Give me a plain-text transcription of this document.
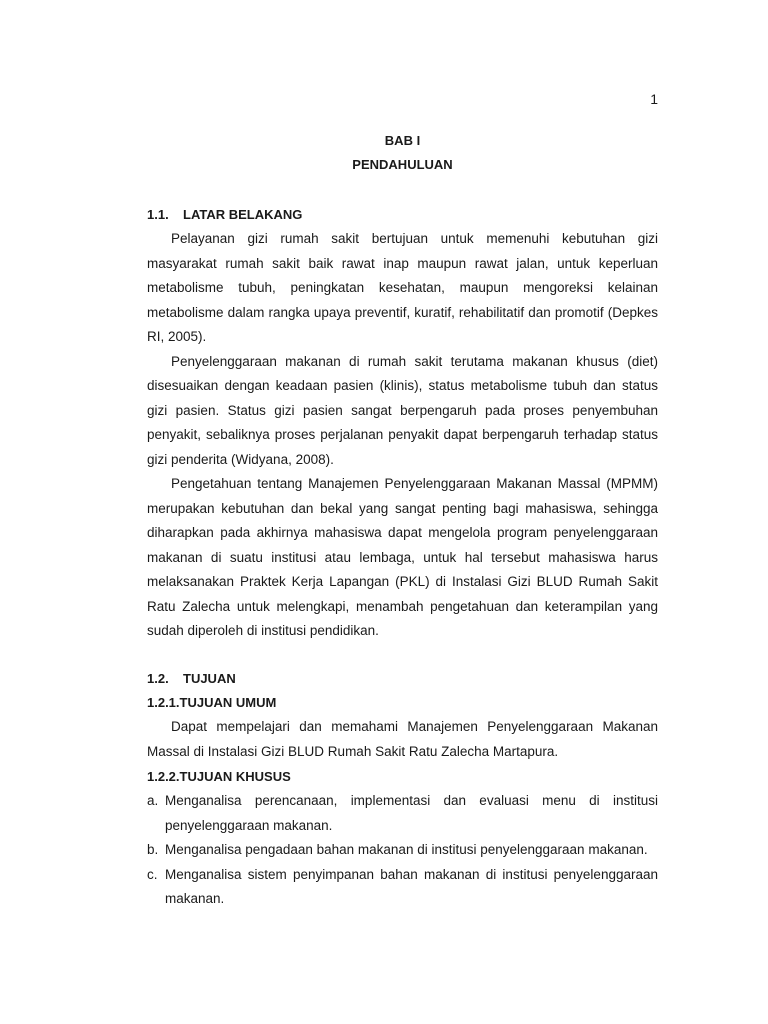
1
BAB I
PENDAHULUAN
1.1. LATAR BELAKANG

Pelayanan gizi rumah sakit bertujuan untuk memenuhi kebutuhan gizi masyarakat rumah sakit baik rawat inap maupun rawat jalan, untuk keperluan metabolisme tubuh, peningkatan kesehatan, maupun mengoreksi kelainan metabolisme dalam rangka upaya preventif, kuratif, rehabilitatif dan promotif (Depkes RI, 2005).

Penyelenggaraan makanan di rumah sakit terutama makanan khusus (diet) disesuaikan dengan keadaan pasien (klinis), status metabolisme tubuh dan status gizi pasien. Status gizi pasien sangat berpengaruh pada proses penyembuhan penyakit, sebaliknya proses perjalanan penyakit dapat berpengaruh terhadap status gizi penderita (Widyana, 2008).

Pengetahuan tentang Manajemen Penyelenggaraan Makanan Massal (MPMM) merupakan kebutuhan dan bekal yang sangat penting bagi mahasiswa, sehingga diharapkan pada akhirnya mahasiswa dapat mengelola program penyelenggaraan makanan di suatu institusi atau lembaga, untuk hal tersebut mahasiswa harus melaksanakan Praktek Kerja Lapangan (PKL) di Instalasi Gizi BLUD Rumah Sakit Ratu Zalecha untuk melengkapi, menambah pengetahuan dan keterampilan yang sudah diperoleh di institusi pendidikan.

1.2. TUJUAN
1.2.1.TUJUAN UMUM

Dapat mempelajari dan memahami Manajemen Penyelenggaraan Makanan Massal di Instalasi Gizi BLUD Rumah Sakit Ratu Zalecha Martapura.

1.2.2.TUJUAN KHUSUS
a. Menganalisa perencanaan, implementasi dan evaluasi menu di institusi penyelenggaraan makanan.
b. Menganalisa pengadaan bahan makanan di institusi penyelenggaraan makanan.
c. Menganalisa sistem penyimpanan bahan makanan di institusi penyelenggaraan makanan.
